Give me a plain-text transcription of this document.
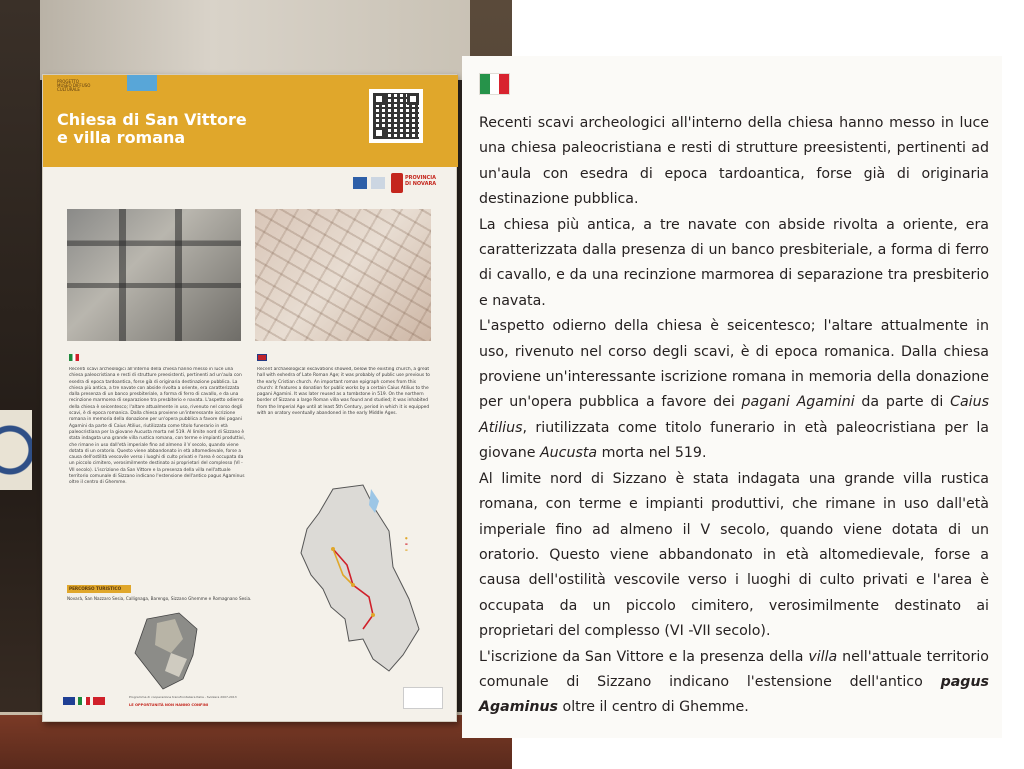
PROGETTO
MUSEO DIFFUSO
CULTURALE
Chiesa di San Vittore
e villa romana
PROVINCIA DI NOVARA
Recenti scavi archeologici all'interno della chiesa hanno messo in luce una chiesa paleocristiana e resti di strutture preesistenti, pertinenti ad un'aula con esedra di epoca tardoantica, forse già di originaria destinazione pubblica. La chiesa più antica, a tre navate con abside rivolta a oriente, era caratterizzata dalla presenza di un banco presbiteriale, a forma di ferro di cavallo, e da una recinzione marmorea di separazione tra presbiterio e navata. L'aspetto odierno della chiesa è seicentesco; l'altare attualmente in uso, rivenuto nel corso degli scavi, è di epoca romanica. Dalla chiesa proviene un'interessante iscrizione romana in memoria della donazione per un'opera pubblica a favore dei pagani Agamini da parte di Caius Atilius, riutilizzata come titolo funerario in età paleocristiana per la giovane Aucusta morta nel 519. Al limite nord di Sizzano è stata indagata una grande villa rustica romana, con terme e impianti produttivi, che rimane in uso dall'età imperiale fino ad almeno il V secolo, quando viene dotata di un oratorio. Questo viene abbandonato in età altomedievale, forse a causa dell'ostilità vescovile verso i luoghi di culto privati e l'area è occupata da un piccolo cimitero, verosimilmente destinato ai proprietari del complesso (VI -VII secolo). L'iscrizione da San Vittore e la presenza della villa nell'attuale territorio comunale di Sizzano indicano l'estensione dell'antico pagus Agaminus oltre il centro di Ghemme.
Recent archaeological excavations showed, below the existing church, a great hall with exhedra of Late Roman Age; it was probably of public use previous to the early Cristian church. An important roman epigraph comes from this church: it features a donation for public works by a certain Caius Atilius to the pagani Agamini. It was later reused as a tombstone in 519. On the northern border of Sizzano a large Roman villa was found and studied; it was inhabited from the Imperial Age until at least 5th Century, period in which it is equipped with an oratory eventually abandoned in the early Middle Ages.
●
▬
▬
PERCORSO TURISTICO
Novarà, San Nazzaro Sesia, Callignaga, Barengo, Sizzano Ghemme e Romagnano Sesia.
Programma di cooperazione transfrontaliera Italia - Svizzera 2007-2013
LE OPPORTUNITÀ NON HANNO CONFINI

Recenti scavi archeologici all'interno della chiesa hanno messo in luce una chiesa paleocristiana e resti di strutture preesistenti, pertinenti ad un'aula con esedra di epoca tardoantica, forse già di originaria destinazione pubblica.

La chiesa più antica, a tre navate con abside rivolta a oriente, era caratterizzata dalla presenza di un banco presbiteriale, a forma di ferro di cavallo, e da una recinzione marmorea di separazione tra presbiterio e navata.

L'aspetto odierno della chiesa è seicentesco; l'altare attualmente in uso, rivenuto nel corso degli scavi, è di epoca romanica. Dalla chiesa proviene un'interessante iscrizione romana in memoria della donazione per un'opera pubblica a favore dei pagani Agamini da parte di Caius Atilius, riutilizzata come titolo funerario in età paleocristiana per la giovane Aucusta morta nel 519.

Al limite nord di Sizzano è stata indagata una grande villa rustica romana, con terme e impianti produttivi, che rimane in uso dall'età imperiale fino ad almeno il V secolo, quando viene dotata di un oratorio. Questo viene abbandonato in età altomedievale, forse a causa dell'ostilità vescovile verso i luoghi di culto privati e l'area è occupata da un piccolo cimitero, verosimilmente destinato ai proprietari del complesso (VI -VII secolo).

L'iscrizione da San Vittore e la presenza della villa nell'attuale territorio comunale di Sizzano indicano l'estensione dell'antico pagus Agaminus oltre il centro di Ghemme.
